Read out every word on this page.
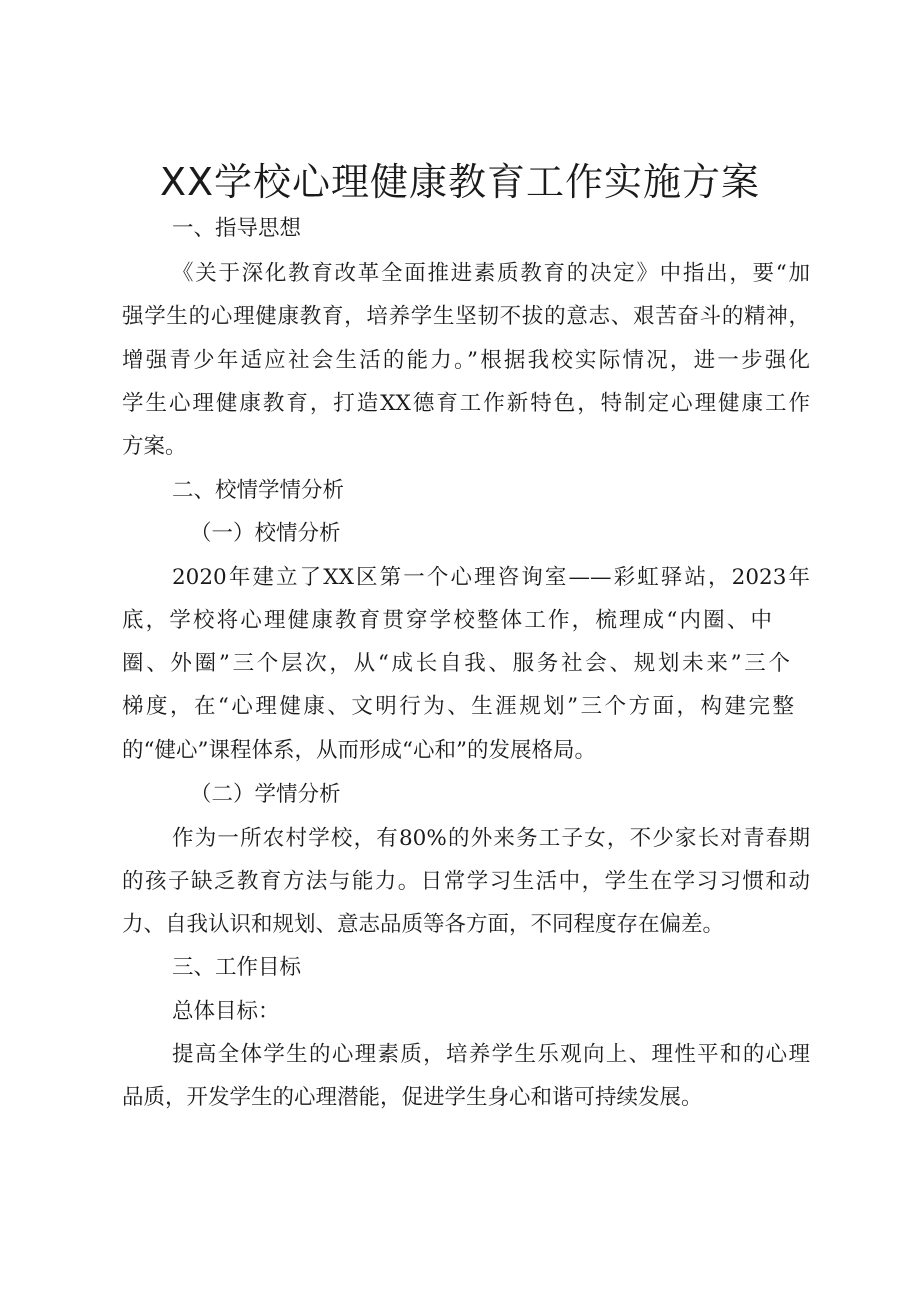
XX学校心理健康教育工作实施方案
一、指导思想
《关于深化教育改革全面推进素质教育的决定》中指出，要“加
强学生的心理健康教育，培养学生坚韧不拔的意志、艰苦奋斗的精神，
增强青少年适应社会生活的能力。”根据我校实际情况，进一步强化
学生心理健康教育，打造XX德育工作新特色，特制定心理健康工作
方案。
二、校情学情分析
（一）校情分析
2020年建立了XX区第一个心理咨询室——彩虹驿站，2023年
底，学校将心理健康教育贯穿学校整体工作，梳理成“内圈、中
圈、外圈”三个层次，从“成长自我、服务社会、规划未来”三个
梯度，在“心理健康、文明行为、生涯规划”三个方面，构建完整
的“健心”课程体系，从而形成“心和”的发展格局。
（二）学情分析
作为一所农村学校，有80%的外来务工子女，不少家长对青春期
的孩子缺乏教育方法与能力。日常学习生活中，学生在学习习惯和动
力、自我认识和规划、意志品质等各方面，不同程度存在偏差。
三、工作目标
总体目标：
提高全体学生的心理素质，培养学生乐观向上、理性平和的心理
品质，开发学生的心理潜能，促进学生身心和谐可持续发展。
